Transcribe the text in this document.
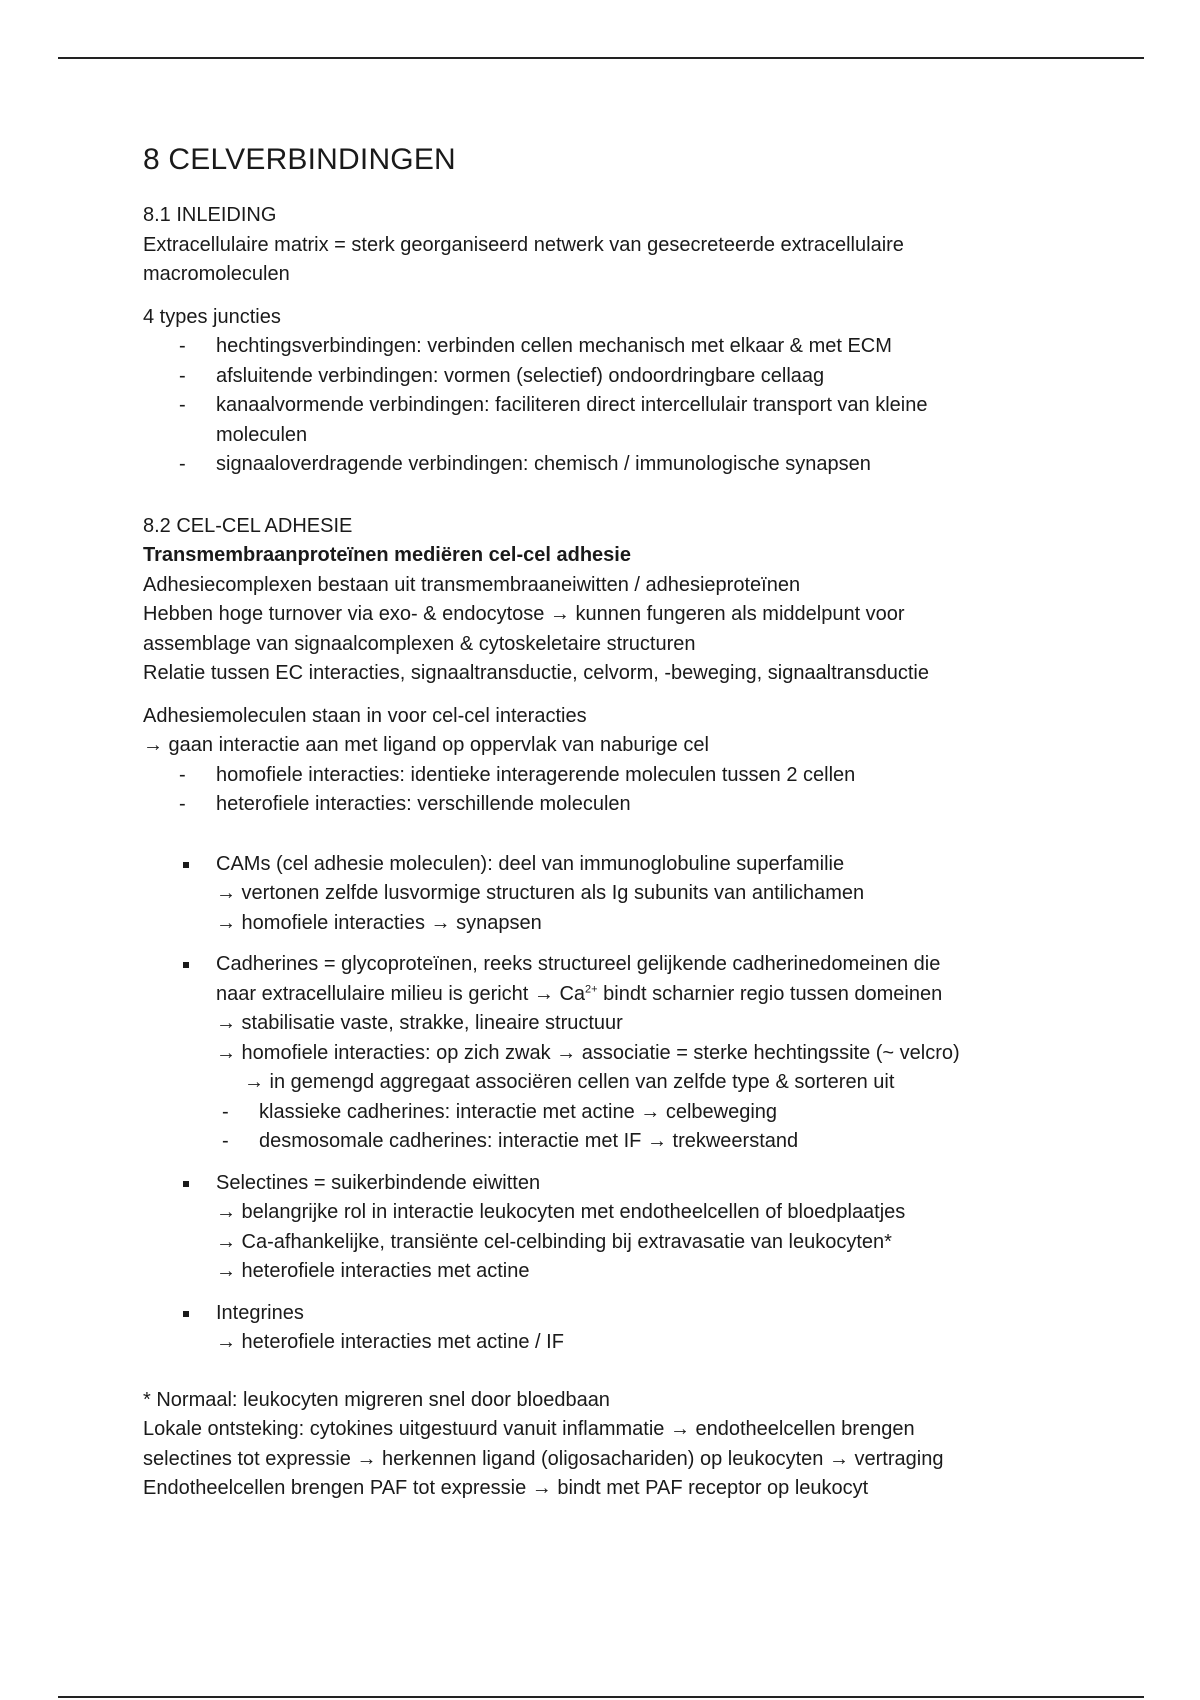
8 CELVERBINDINGEN

8.1 INLEIDING

Extracellulaire matrix = sterk georganiseerd netwerk van gesecreteerde extracellulaire

macromoleculen

4 types juncties

- hechtingsverbindingen: verbinden cellen mechanisch met elkaar & met ECM
- afsluitende verbindingen: vormen (selectief) ondoordringbare cellaag
- kanaalvormende verbindingen: faciliteren direct intercellulair transport van kleine
moleculen
- signaaloverdragende verbindingen: chemisch / immunologische synapsen

8.2 CEL-CEL ADHESIE

Transmembraanproteïnen mediëren cel-cel adhesie

Adhesiecomplexen bestaan uit transmembraaneiwitten / adhesieproteïnen

Hebben hoge turnover via exo- & endocytose → kunnen fungeren als middelpunt voor

assemblage van signaalcomplexen & cytoskeletaire structuren

Relatie tussen EC interacties, signaaltransductie, celvorm, -beweging, signaaltransductie

Adhesiemoleculen staan in voor cel-cel interacties

→ gaan interactie aan met ligand op oppervlak van naburige cel

- homofiele interacties: identieke interagerende moleculen tussen 2 cellen
- heterofiele interacties: verschillende moleculen
CAMs (cel adhesie moleculen): deel van immunoglobuline superfamilie
→ vertonen zelfde lusvormige structuren als Ig subunits van antilichamen
→ homofiele interacties → synapsen
Cadherines = glycoproteïnen, reeks structureel gelijkende cadherinedomeinen die
naar extracellulaire milieu is gericht → $Ca^{2+}$ bindt scharnier regio tussen domeinen
→ stabilisatie vaste, strakke, lineaire structuur
→ homofiele interacties: op zich zwak → associatie = sterke hechtingssite (~ velcro)
→ in gemengd aggregaat associëren cellen van zelfde type & sorteren uit
- klassieke cadherines: interactie met actine → celbeweging
- desmosomale cadherines: interactie met IF → trekweerstand
Selectines = suikerbindende eiwitten
→ belangrijke rol in interactie leukocyten met endotheelcellen of bloedplaatjes
→ Ca-afhankelijke, transiënte cel-celbinding bij extravasatie van leukocyten*
→ heterofiele interacties met actine
Integrines
→ heterofiele interacties met actine / IF

* Normaal: leukocyten migreren snel door bloedbaan

Lokale ontsteking: cytokines uitgestuurd vanuit inflammatie → endotheelcellen brengen

selectines tot expressie → herkennen ligand (oligosachariden) op leukocyten → vertraging

Endotheelcellen brengen PAF tot expressie → bindt met PAF receptor op leukocyt
